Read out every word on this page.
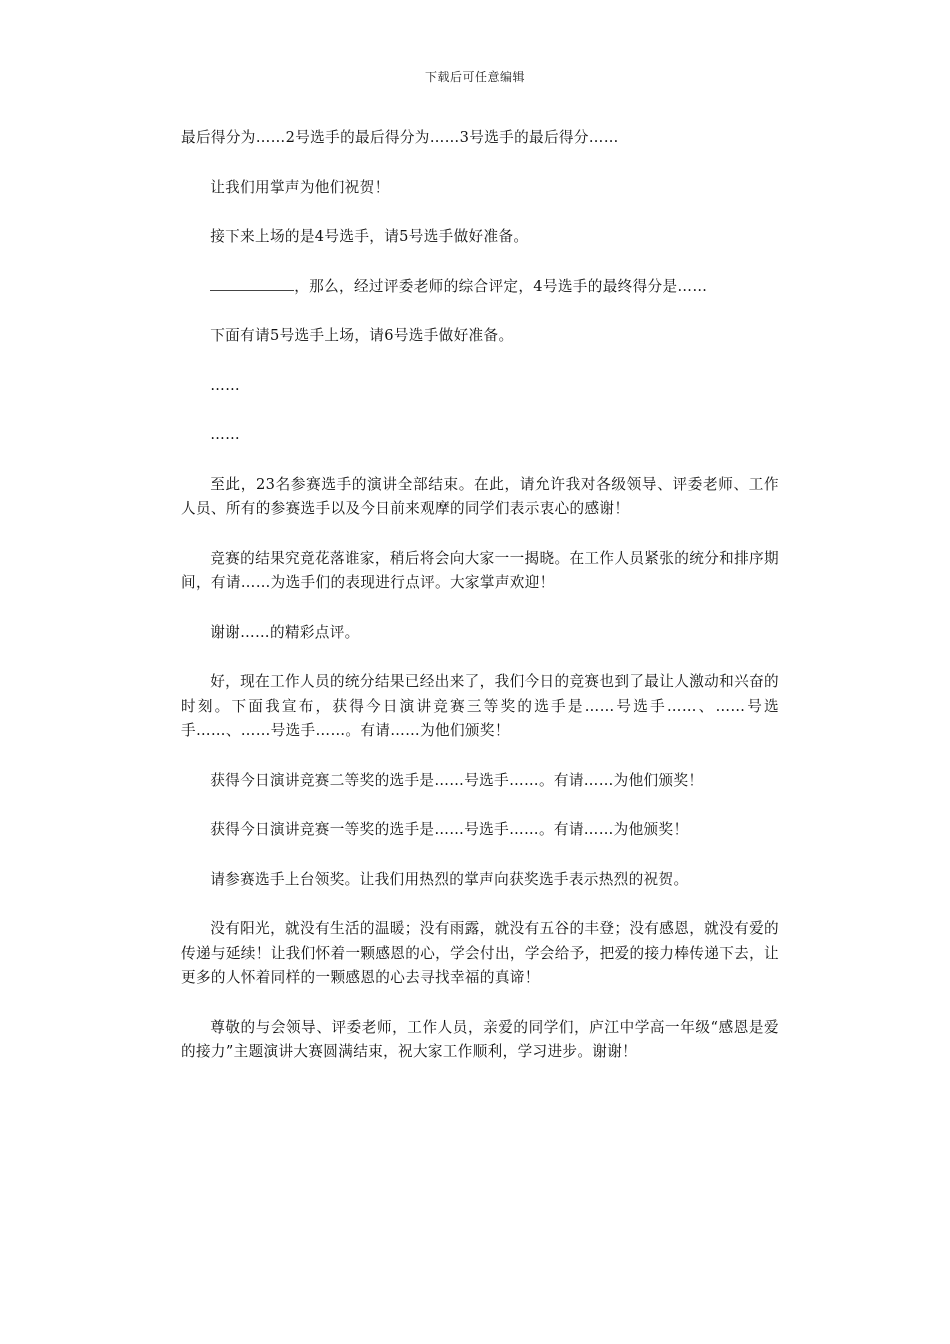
下载后可任意编辑

最后得分为……2号选手的最后得分为……3号选手的最后得分……

让我们用掌声为他们祝贺！

接下来上场的是4号选手，请5号选手做好准备。

，那么，经过评委老师的综合评定，4号选手的最终得分是……

下面有请5号选手上场，请6号选手做好准备。

……

……

至此，23名参赛选手的演讲全部结束。在此，请允许我对各级领导、评委老师、工作人员、所有的参赛选手以及今日前来观摩的同学们表示衷心的感谢！

竞赛的结果究竟花落谁家，稍后将会向大家一一揭晓。在工作人员紧张的统分和排序期间，有请……为选手们的表现进行点评。大家掌声欢迎！

谢谢……的精彩点评。

好，现在工作人员的统分结果已经出来了，我们今日的竞赛也到了最让人激动和兴奋的时刻。下面我宣布，获得今日演讲竞赛三等奖的选手是……号选手……、……号选手……、……号选手……。有请……为他们颁奖！

获得今日演讲竞赛二等奖的选手是……号选手……。有请……为他们颁奖！

获得今日演讲竞赛一等奖的选手是……号选手……。有请……为他颁奖！

请参赛选手上台领奖。让我们用热烈的掌声向获奖选手表示热烈的祝贺。

没有阳光，就没有生活的温暖；没有雨露，就没有五谷的丰登；没有感恩，就没有爱的传递与延续！让我们怀着一颗感恩的心，学会付出，学会给予，把爱的接力棒传递下去，让更多的人怀着同样的一颗感恩的心去寻找幸福的真谛！

尊敬的与会领导、评委老师，工作人员，亲爱的同学们，庐江中学高一年级“感恩是爱的接力”主题演讲大赛圆满结束，祝大家工作顺利，学习进步。谢谢！
